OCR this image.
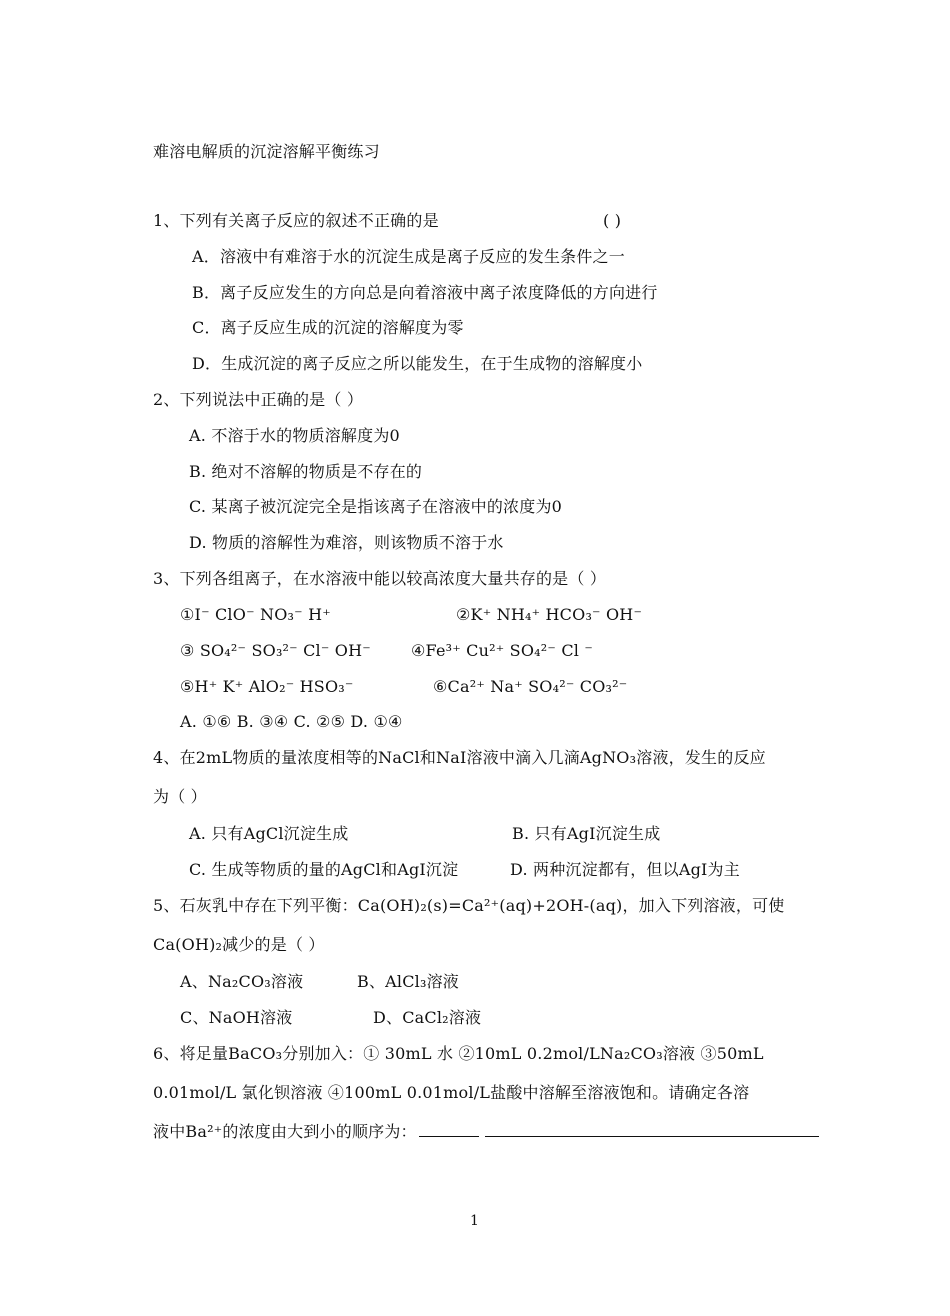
难溶电解质的沉淀溶解平衡练习
1、下列有关离子反应的叙述不正确的是	( )
A．溶液中有难溶于水的沉淀生成是离子反应的发生条件之一
B．离子反应发生的方向总是向着溶液中离子浓度降低的方向进行
C．离子反应生成的沉淀的溶解度为零
D．生成沉淀的离子反应之所以能发生，在于生成物的溶解度小
2、下列说法中正确的是（ ）
A. 不溶于水的物质溶解度为0
B. 绝对不溶解的物质是不存在的
C. 某离子被沉淀完全是指该离子在溶液中的浓度为0
D. 物质的溶解性为难溶，则该物质不溶于水
3、下列各组离子，在水溶液中能以较高浓度大量共存的是（ ）
①I⁻ ClO⁻ NO₃⁻ H⁺	②K⁺ NH₄⁺ HCO₃⁻ OH⁻
③ SO₄²⁻ SO₃²⁻ Cl⁻ OH⁻	④Fe³⁺ Cu²⁺ SO₄²⁻ Cl ⁻
⑤H⁺ K⁺ AlO₂⁻ HSO₃⁻	⑥Ca²⁺ Na⁺ SO₄²⁻ CO₃²⁻
A. ①⑥ B. ③④ C. ②⑤ D. ①④
4、在2mL物质的量浓度相等的NaCl和NaI溶液中滴入几滴AgNO₃溶液，发生的反应
为（ ）
A. 只有AgCl沉淀生成	B. 只有AgI沉淀生成
C. 生成等物质的量的AgCl和AgI沉淀	D. 两种沉淀都有，但以AgI为主
5、石灰乳中存在下列平衡：Ca(OH)₂(s)=Ca²⁺(aq)+2OH-(aq)，加入下列溶液，可使
Ca(OH)₂减少的是（ ）
A、Na₂CO₃溶液	B、AlCl₃溶液
C、NaOH溶液	D、CaCl₂溶液
6、将足量BaCO₃分别加入：① 30mL 水 ②10mL 0.2mol/LNa₂CO₃溶液 ③50mL
0.01mol/L 氯化钡溶液 ④100mL 0.01mol/L盐酸中溶解至溶液饱和。请确定各溶
液中Ba²⁺的浓度由大到小的顺序为：
1
